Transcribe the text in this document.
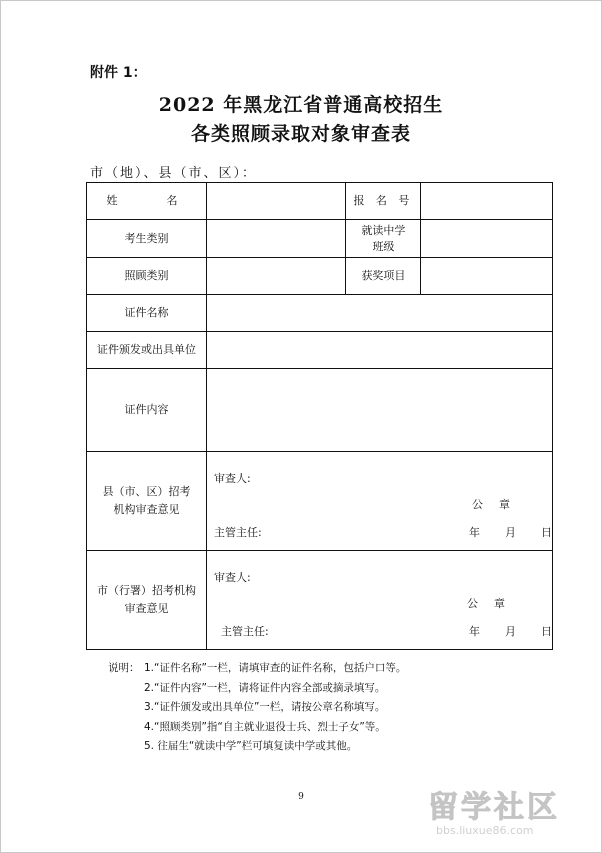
附件 1：
2022 年黑龙江省普通高校招生
各类照顾录取对象审查表
市（地）、县（市、区）：
姓　　名		报 名 号	
考生类别		就读中学班级	

照顾类别		获奖项目	
证件名称			
证件颁发或出具单位			
证件内容			

县（市、区）招考机构审查意见	审查人:
公章
主管主任: 年 月 日		

市（行署）招考机构审查意见	审查人:
公章
主管主任: 年 月 日		
说明： 1.“证件名称”一栏，请填审查的证件名称，包括户口等。
2.“证件内容”一栏，请将证件内容全部或摘录填写。
3.“证件颁发或出具单位”一栏，请按公章名称填写。
4.“照顾类别”指“自主就业退役士兵、烈士子女”等。
5. 往届生“就读中学”栏可填复读中学或其他。
9	留学社区
bbs.liuxue86.com
